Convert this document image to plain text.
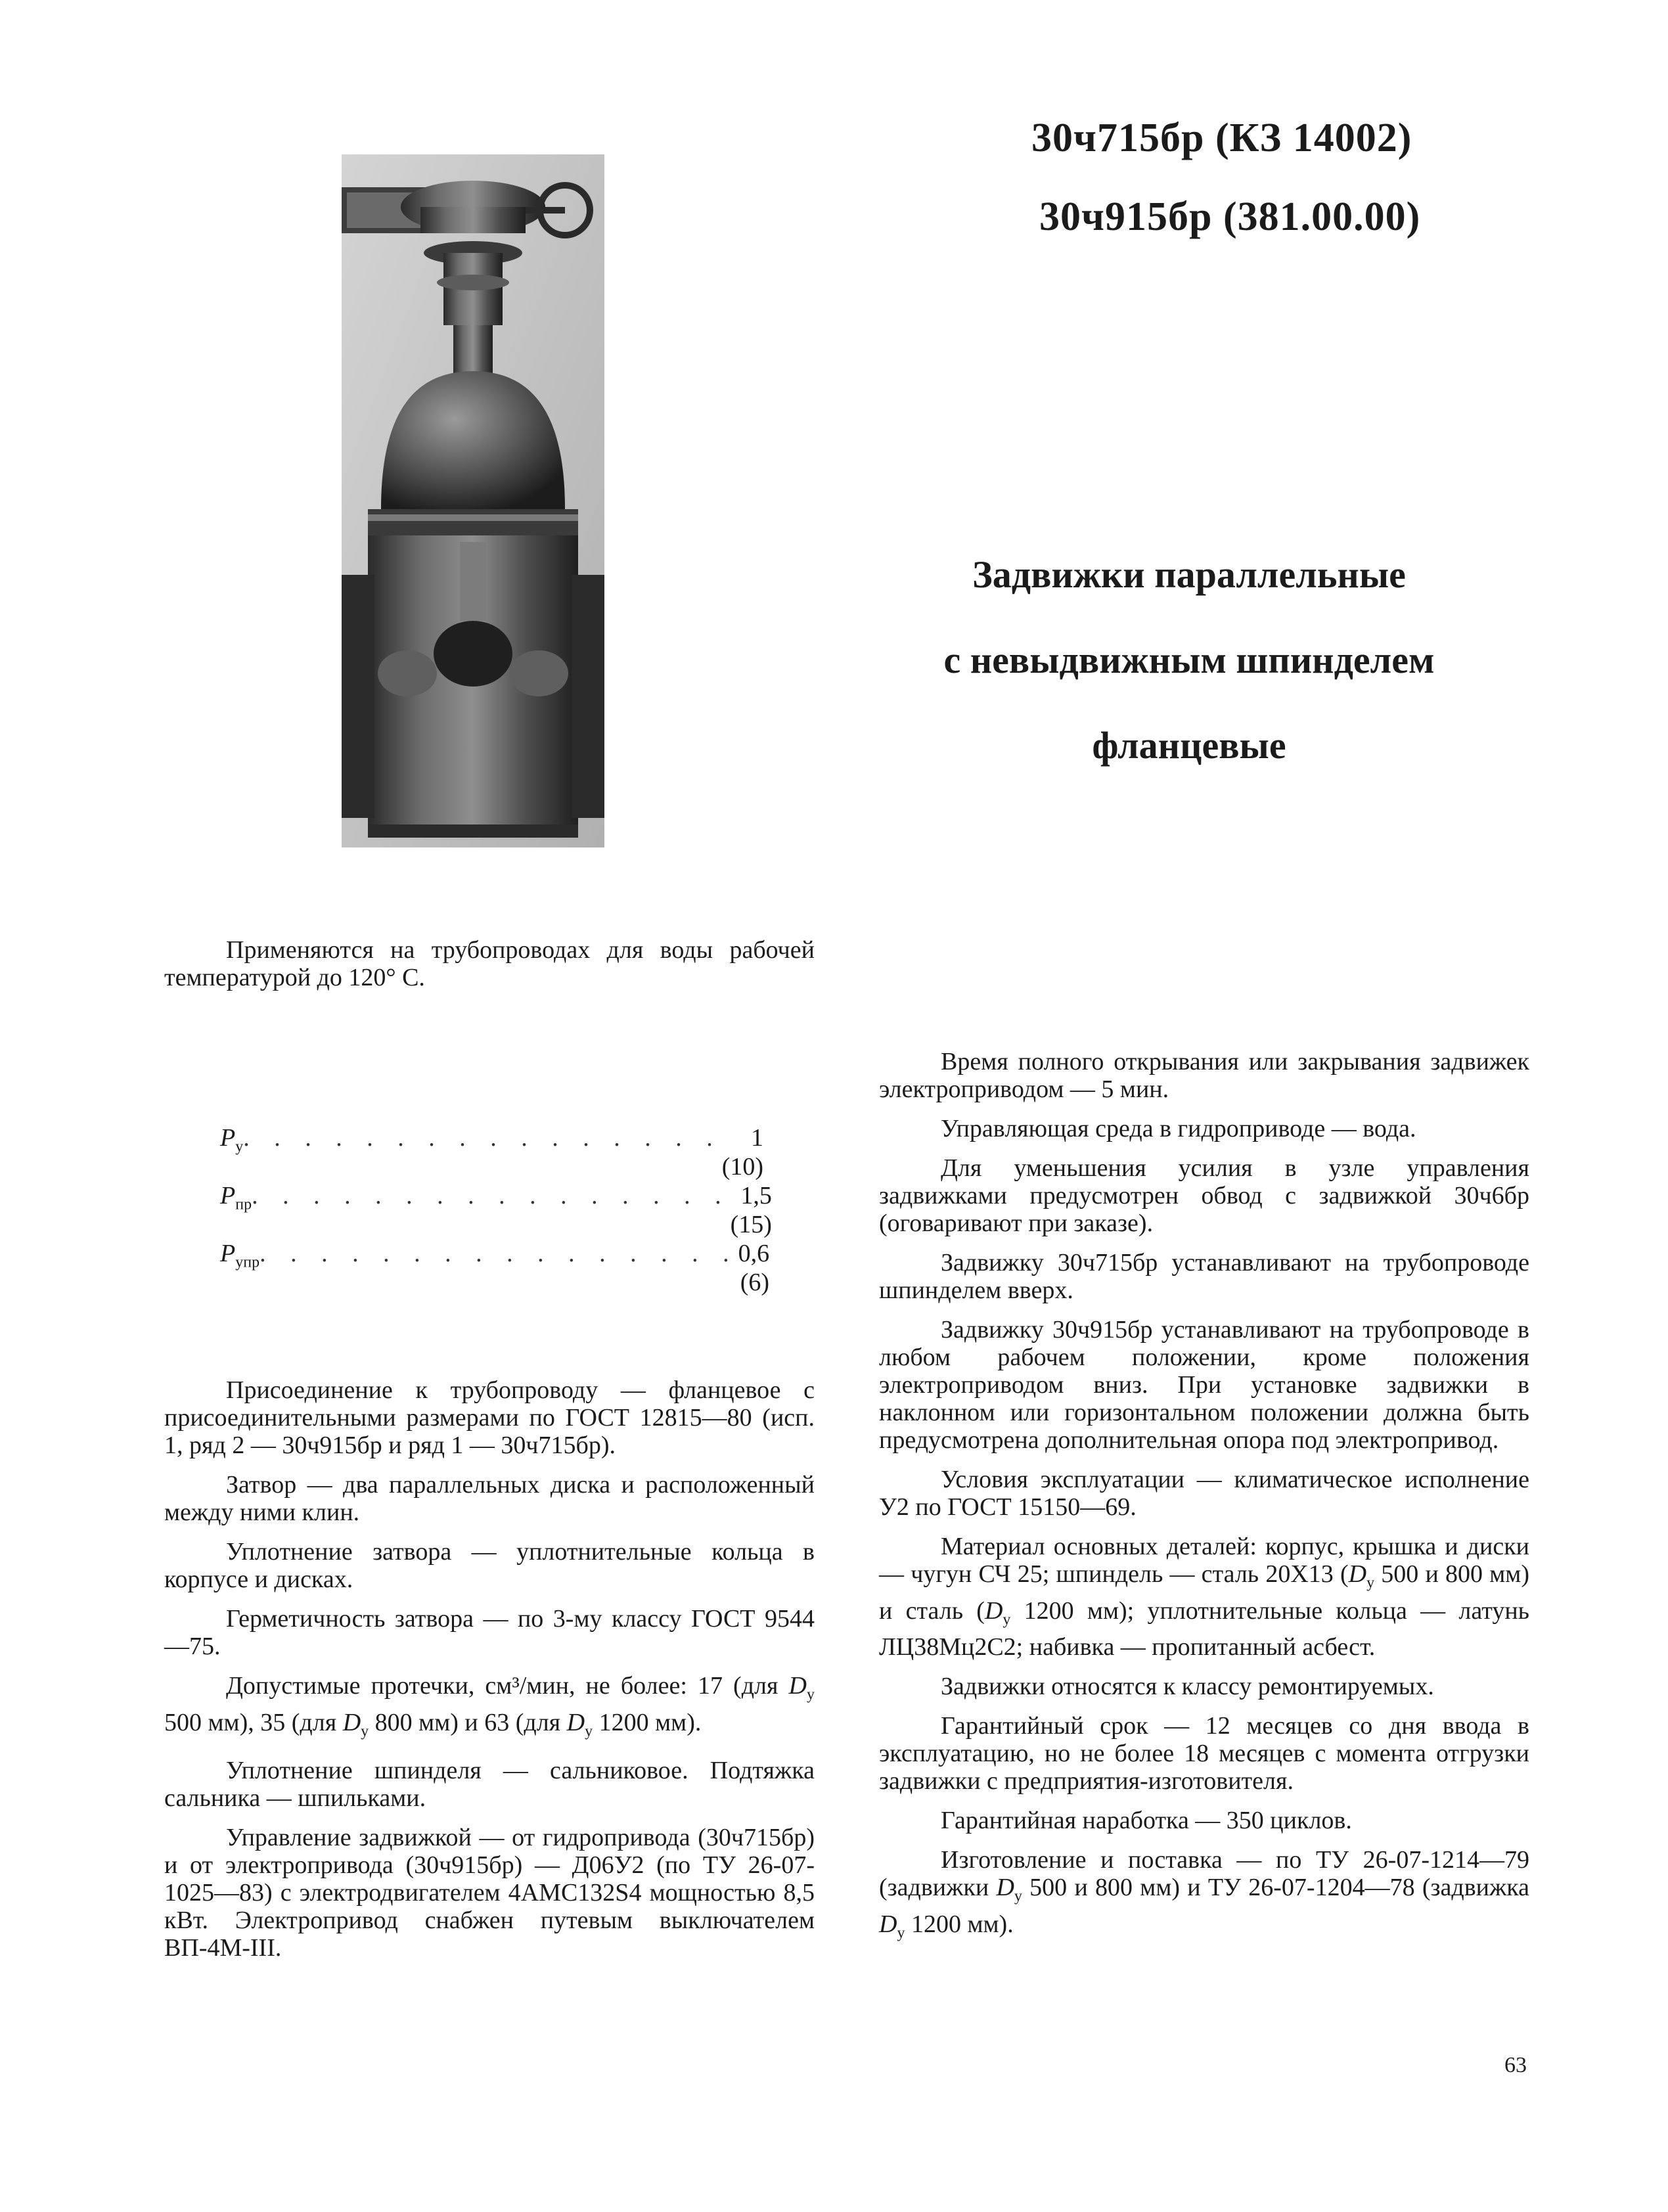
30ч715бр (КЗ 14002)
30ч915бр (381.00.00)
Задвижки параллельные
с невыдвижным шпинделем
фланцевые

Применяются на трубопроводах для воды рабочей температурой до 120° С.

$P_у$ . . . . . . . . . . . . . . . .	1 (10)
$P_{пр}$ . . . . . . . . . . . . . . . . 1,5 (15)
$P_{упр}$ . . . . . . . . . . . . . . . . 0,6 (6)

Присоединение к трубопроводу — фланцевое с присоединительными размерами по ГОСТ 12815—80 (исп. 1, ряд 2 — 30ч915бр и ряд 1 — 30ч715бр).

Затвор — два параллельных диска и расположенный между ними клин.

Уплотнение затвора — уплотнительные кольца в корпусе и дисках.

Герметичность затвора — по 3-му классу ГОСТ 9544—75.

Допустимые протечки, см³/мин, не более: 17 (для $D_у$ 500 мм), 35 (для $D_у$ 800 мм) и 63 (для $D_у$ 1200 мм).

Уплотнение шпинделя — сальниковое. Подтяжка сальника — шпильками.

Управление задвижкой — от гидропривода (30ч715бр) и от электропривода (30ч915бр) — Д06У2 (по ТУ 26-07-1025—83) с электродвигателем 4АМС132S4 мощностью 8,5 кВт. Электропривод снабжен путевым выключателем ВП-4М-III.

Время полного открывания или закрывания задвижек электроприводом — 5 мин.

Управляющая среда в гидроприводе — вода.

Для уменьшения усилия в узле управления задвижками предусмотрен обвод с задвижкой 30ч6бр (оговаривают при заказе).

Задвижку 30ч715бр устанавливают на трубопроводе шпинделем вверх.

Задвижку 30ч915бр устанавливают на трубопроводе в любом рабочем положении, кроме положения электроприводом вниз. При установке задвижки в наклонном или горизонтальном положении должна быть предусмотрена дополнительная опора под электропривод.

Условия эксплуатации — климатическое исполнение У2 по ГОСТ 15150—69.

Материал основных деталей: корпус, крышка и диски — чугун СЧ 25; шпиндель — сталь 20Х13 ($D_у$ 500 и 800 мм) и сталь ($D_у$ 1200 мм); уплотнительные кольца — латунь ЛЦ38Мц2С2; набивка — пропитанный асбест.

Задвижки относятся к классу ремонтируемых.

Гарантийный срок — 12 месяцев со дня ввода в эксплуатацию, но не более 18 месяцев с момента отгрузки задвижки с предприятия-изготовителя.

Гарантийная наработка — 350 циклов.

Изготовление и поставка — по ТУ 26-07-1214—79 (задвижки $D_у$ 500 и 800 мм) и ТУ 26-07-1204—78 (задвижка $D_у$ 1200 мм).

63
